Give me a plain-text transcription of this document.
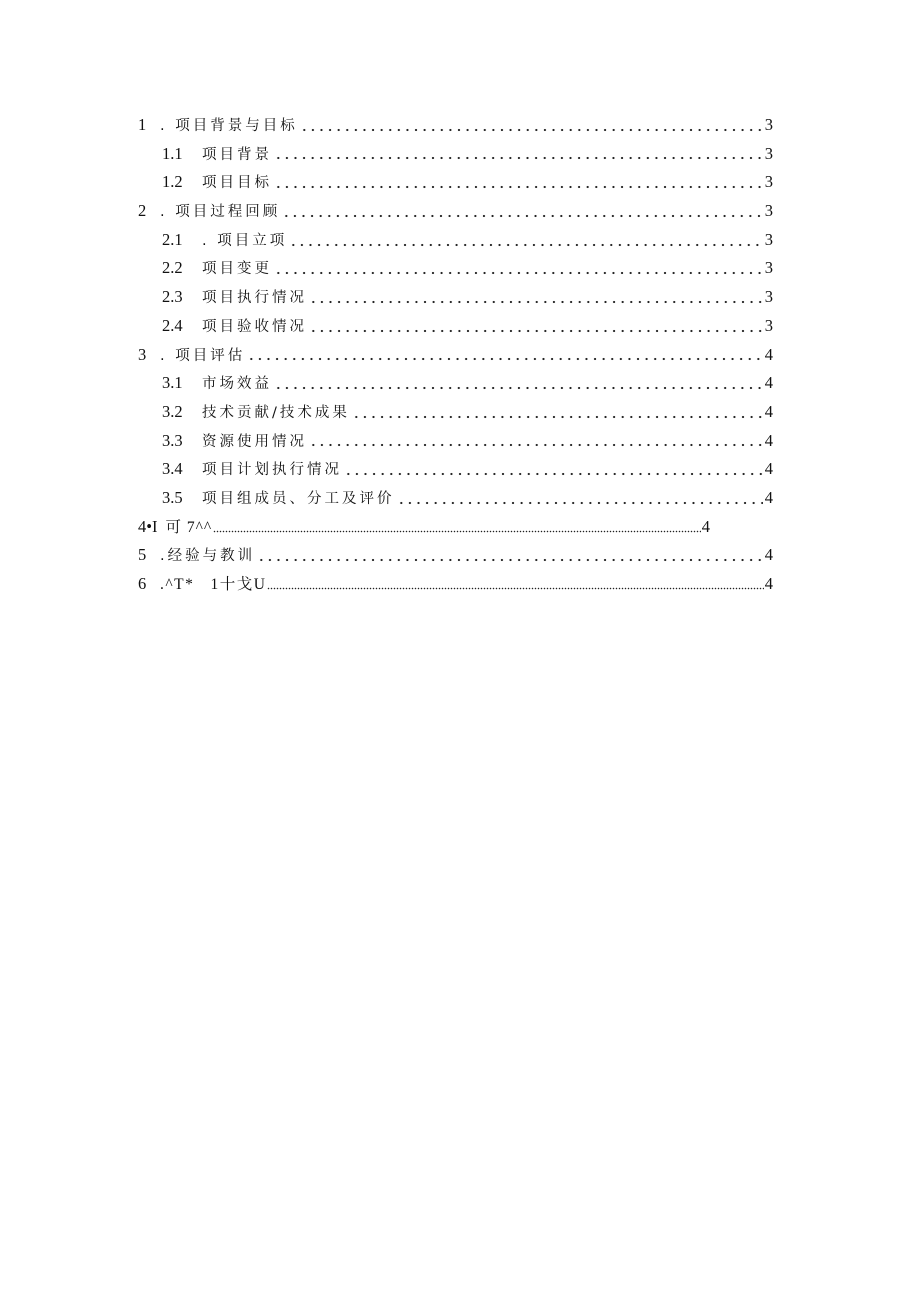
1 . 项目背景与目标	3
1.1	项目背景	3
1.2	项目目标	3
2 . 项目过程回顾	3
2.1	. 项目立项	3
2.2	项目变更	3
2.3	项目执行情况	3
2.4	项目验收情况	3
3 . 项目评估	4
3.1	市场效益	4
3.2	技术贡献/技术成果	4
3.3	资源使用情况	4
3.4	项目计划执行情况	4
3.5	项目组成员、分工及评价	4
4•I 可 7^^	4
5 .经验与教训	4
6 .^T*   1十戈U	4
